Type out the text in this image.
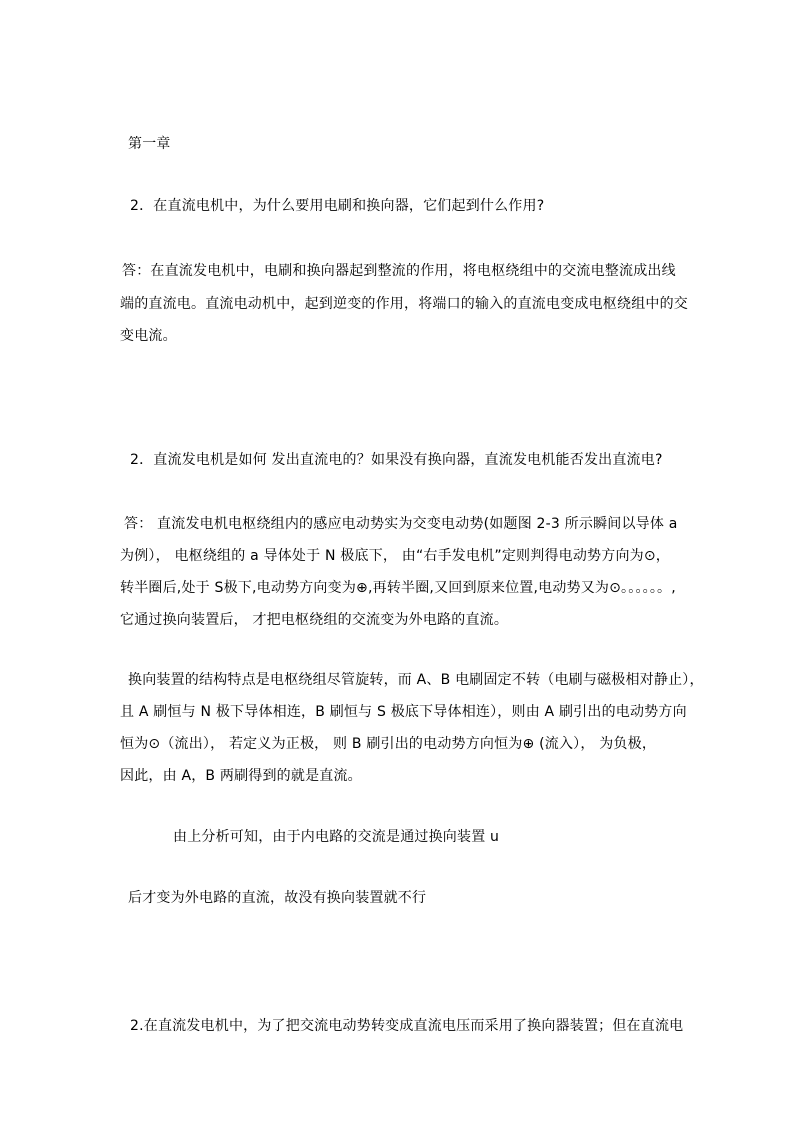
第一章
2．在直流电机中，为什么要用电刷和换向器，它们起到什么作用?
答：在直流发电机中，电刷和换向器起到整流的作用，将电枢绕组中的交流电整流成出线
端的直流电。直流电动机中，起到逆变的作用，将端口的输入的直流电变成电枢绕组中的交
变电流。
2．直流发电机是如何 发出直流电的？如果没有换向器，直流发电机能否发出直流电?
答： 直流发电机电枢绕组内的感应电动势实为交变电动势(如题图 2-3 所示瞬间以导体 a
为例）， 电枢绕组的 a 导体处于 N 极底下， 由“右手发电机”定则判得电动势方向为⊙，
转半圈后,处于 S极下,电动势方向变为⊕,再转半圈,又回到原来位置,电动势又为⊙。。。。。。,
它通过换向装置后， 才把电枢绕组的交流变为外电路的直流。
换向装置的结构特点是电枢绕组尽管旋转，而 A、B 电刷固定不转（电刷与磁极相对静止），
且 A 刷恒与 N 极下导体相连，B 刷恒与 S 极底下导体相连），则由 A 刷引出的电动势方向
恒为⊙（流出）， 若定义为正极， 则 B 刷引出的电动势方向恒为⊕ (流入）， 为负极，
因此，由 A，B 两刷得到的就是直流。
由上分析可知，由于内电路的交流是通过换向装置 u
后才变为外电路的直流，故没有换向装置就不行
2.在直流发电机中，为了把交流电动势转变成直流电压而采用了换向器装置；但在直流电
